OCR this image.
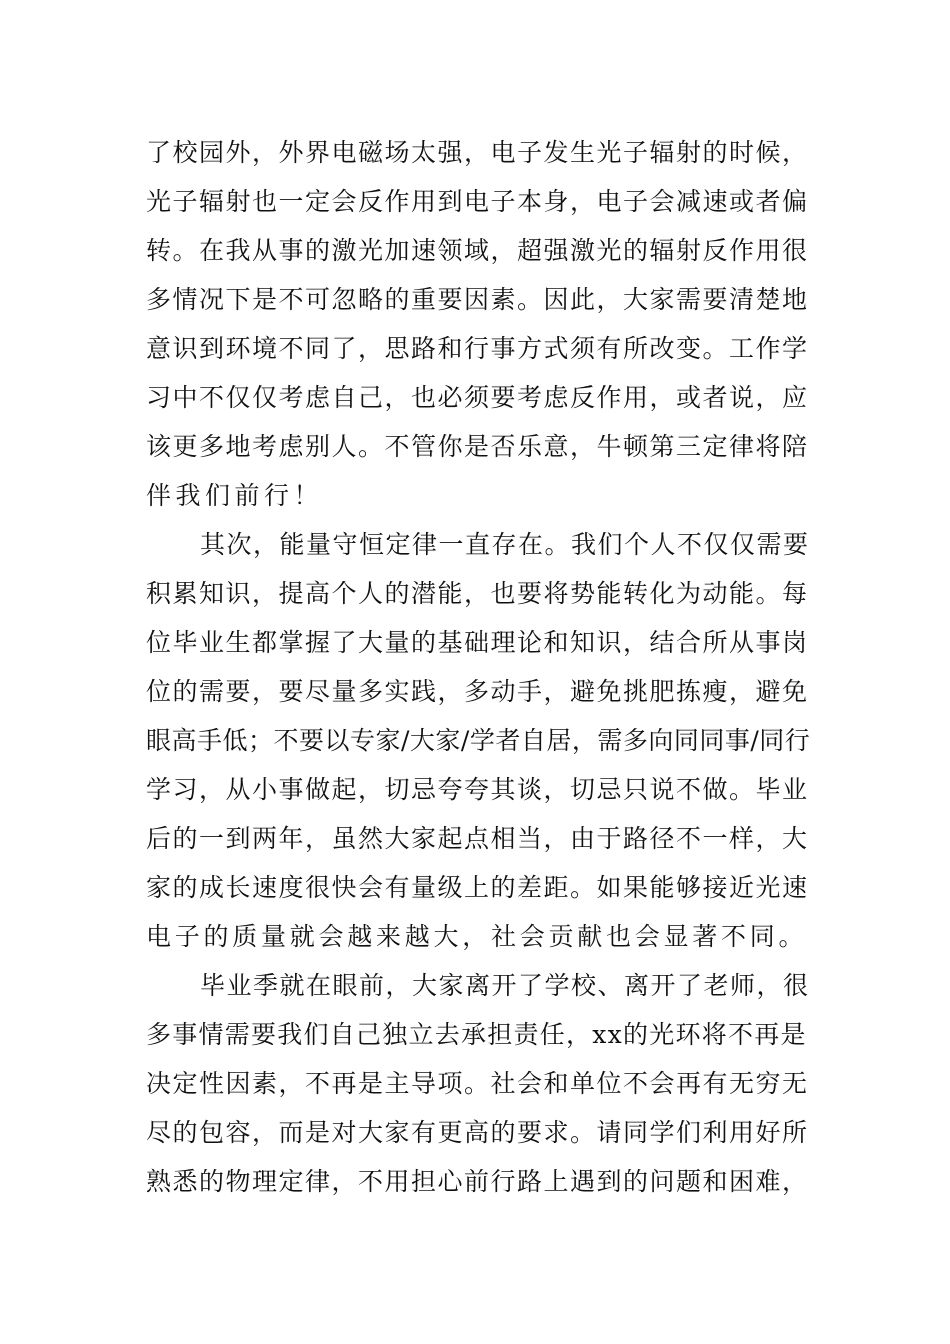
了校园外，外界电磁场太强，电子发生光子辐射的时候，
光子辐射也一定会反作用到电子本身，电子会减速或者偏
转。在我从事的激光加速领域，超强激光的辐射反作用很
多情况下是不可忽略的重要因素。因此，大家需要清楚地
意识到环境不同了，思路和行事方式须有所改变。工作学
习中不仅仅考虑自己，也必须要考虑反作用，或者说，应
该更多地考虑别人。不管你是否乐意，牛顿第三定律将陪
伴我们前行！

其次，能量守恒定律一直存在。我们个人不仅仅需要
积累知识，提高个人的潜能，也要将势能转化为动能。每
位毕业生都掌握了大量的基础理论和知识，结合所从事岗
位的需要，要尽量多实践，多动手，避免挑肥拣瘦，避免
眼高手低；不要以专家/大家/学者自居，需多向同同事/同行
学习，从小事做起，切忌夸夸其谈，切忌只说不做。毕业
后的一到两年，虽然大家起点相当，由于路径不一样，大
家的成长速度很快会有量级上的差距。如果能够接近光速
电子的质量就会越来越大，社会贡献也会显著不同。

毕业季就在眼前，大家离开了学校、离开了老师，很
多事情需要我们自己独立去承担责任，xx的光环将不再是
决定性因素，不再是主导项。社会和单位不会再有无穷无
尽的包容，而是对大家有更高的要求。请同学们利用好所
熟悉的物理定律，不用担心前行路上遇到的问题和困难，
